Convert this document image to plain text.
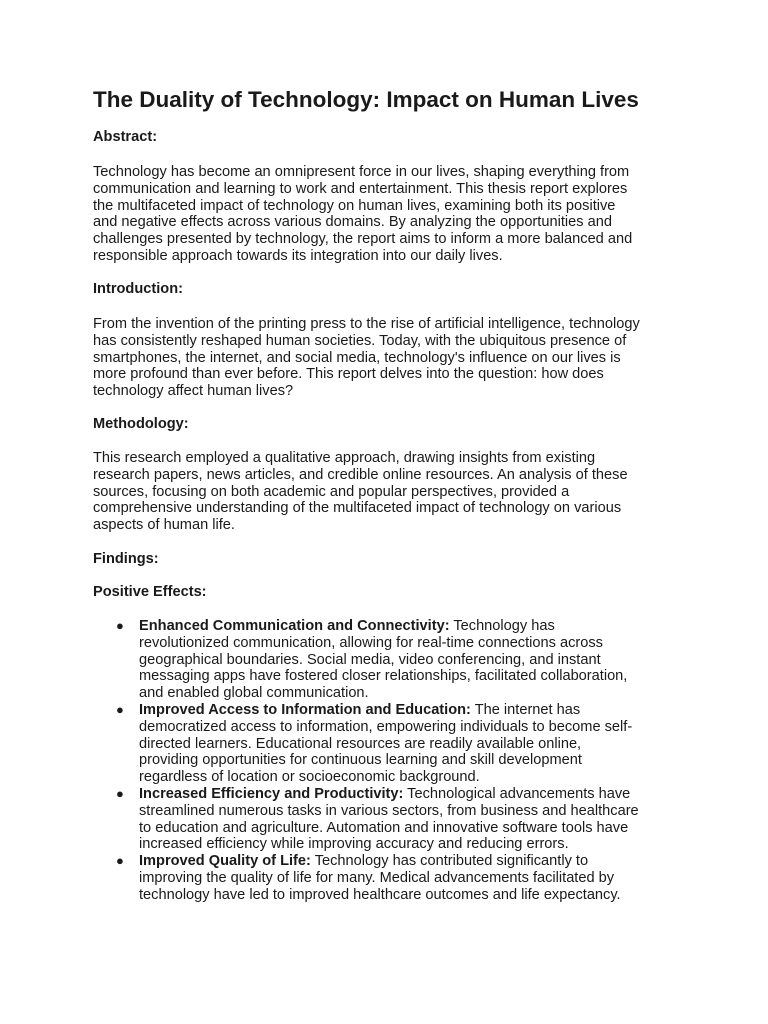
The Duality of Technology: Impact on Human Lives

Abstract:

Technology has become an omnipresent force in our lives, shaping everything from
communication and learning to work and entertainment. This thesis report explores
the multifaceted impact of technology on human lives, examining both its positive
and negative effects across various domains. By analyzing the opportunities and
challenges presented by technology, the report aims to inform a more balanced and
responsible approach towards its integration into our daily lives.

Introduction:

From the invention of the printing press to the rise of artificial intelligence, technology
has consistently reshaped human societies. Today, with the ubiquitous presence of
smartphones, the internet, and social media, technology's influence on our lives is
more profound than ever before. This report delves into the question: how does
technology affect human lives?

Methodology:

This research employed a qualitative approach, drawing insights from existing
research papers, news articles, and credible online resources. An analysis of these
sources, focusing on both academic and popular perspectives, provided a
comprehensive understanding of the multifaceted impact of technology on various
aspects of human life.

Findings:

Positive Effects:

● Enhanced Communication and Connectivity: Technology has
revolutionized communication, allowing for real-time connections across
geographical boundaries. Social media, video conferencing, and instant
messaging apps have fostered closer relationships, facilitated collaboration,
and enabled global communication.
● Improved Access to Information and Education: The internet has
democratized access to information, empowering individuals to become self-
directed learners. Educational resources are readily available online,
providing opportunities for continuous learning and skill development
regardless of location or socioeconomic background.
● Increased Efficiency and Productivity: Technological advancements have
streamlined numerous tasks in various sectors, from business and healthcare
to education and agriculture. Automation and innovative software tools have
increased efficiency while improving accuracy and reducing errors.
● Improved Quality of Life: Technology has contributed significantly to
improving the quality of life for many. Medical advancements facilitated by
technology have led to improved healthcare outcomes and life expectancy.
